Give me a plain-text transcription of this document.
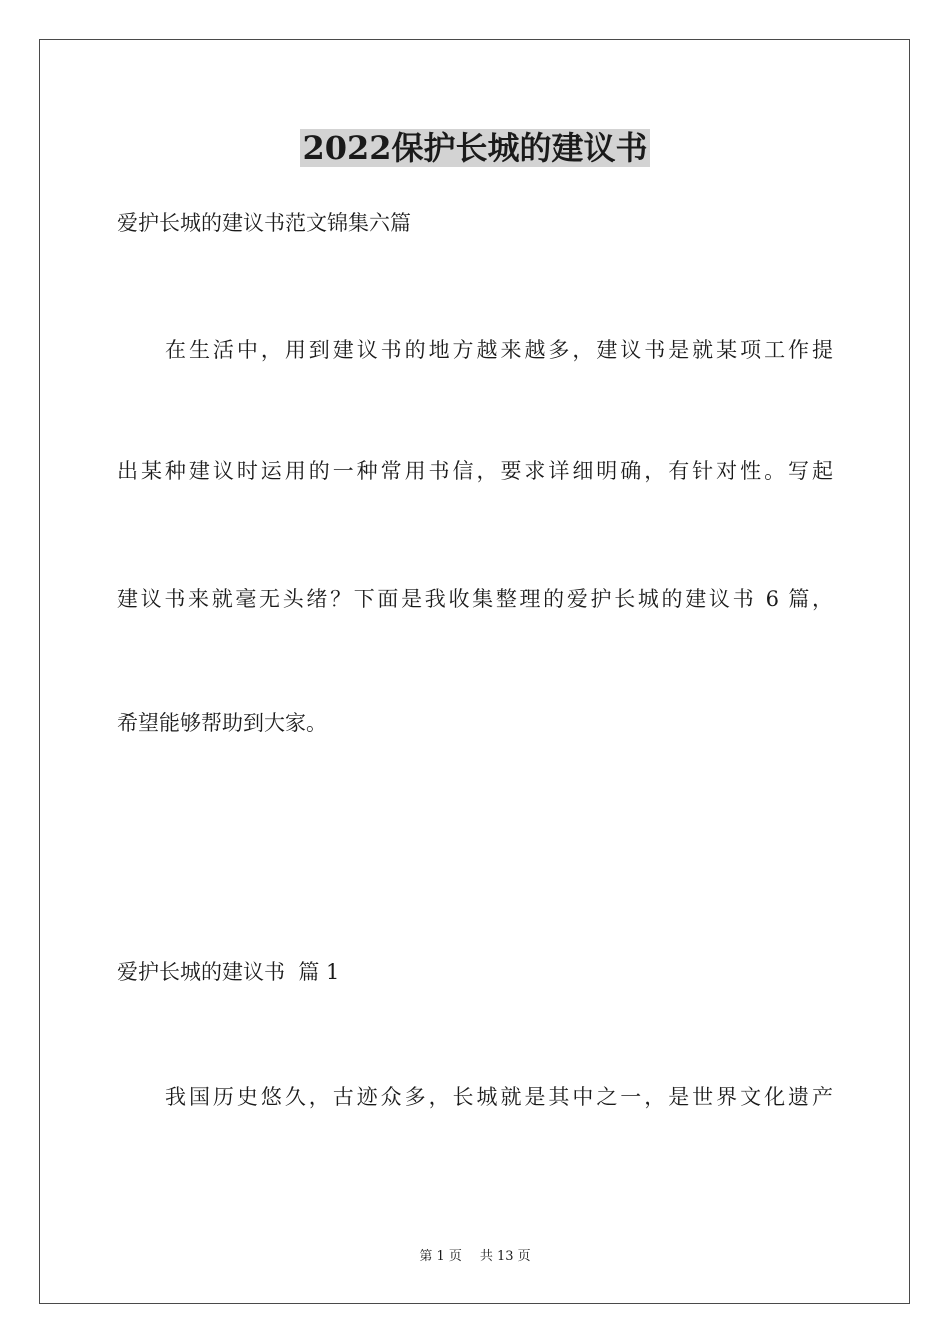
2022保护长城的建议书
爱护长城的建议书范文锦集六篇
在生活中，用到建议书的地方越来越多，建议书是就某项工作提
出某种建议时运用的一种常用书信，要求详细明确，有针对性。写起
建议书来就毫无头绪？下面是我收集整理的爱护长城的建议书 6 篇，
希望能够帮助到大家。
爱护长城的建议书  篇 1
我国历史悠久，古迹众多，长城就是其中之一，是世界文化遗产
第 1 页 共 13 页
